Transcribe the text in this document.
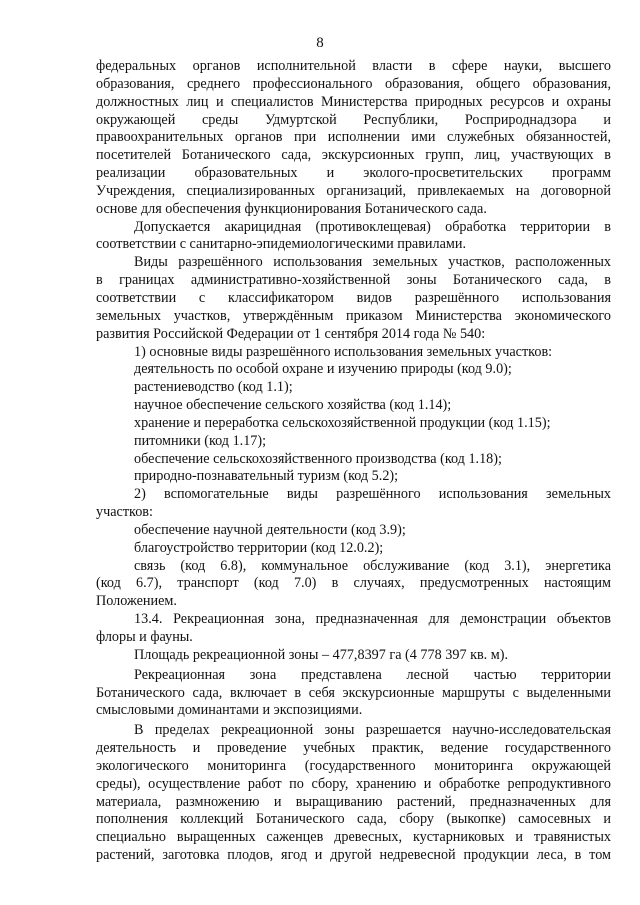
8
федеральных органов исполнительной власти в сфере науки, высшего
образования, среднего профессионального образования, общего образования,
должностных лиц и специалистов Министерства природных ресурсов и охраны
окружающей среды Удмуртской Республики, Росприроднадзора и
правоохранительных органов при исполнении ими служебных обязанностей,
посетителей Ботанического сада, экскурсионных групп, лиц, участвующих в
реализации образовательных и эколого-просветительских программ
Учреждения, специализированных организаций, привлекаемых на договорной
основе для обеспечения функционирования Ботанического сада.
Допускается акарицидная (противоклещевая) обработка территории в
соответствии с санитарно-эпидемиологическими правилами.
Виды разрешённого использования земельных участков, расположенных
в границах административно-хозяйственной зоны Ботанического сада, в
соответствии с классификатором видов разрешённого использования
земельных участков, утверждённым приказом Министерства экономического
развития Российской Федерации от 1 сентября 2014 года № 540:
1) основные виды разрешённого использования земельных участков:
деятельность по особой охране и изучению природы (код 9.0);
растениеводство (код 1.1);
научное обеспечение сельского хозяйства (код 1.14);
хранение и переработка сельскохозяйственной продукции (код 1.15);
питомники (код 1.17);
обеспечение сельскохозяйственного производства (код 1.18);
природно-познавательный туризм (код 5.2);
2) вспомогательные виды разрешённого использования земельных
участков:
обеспечение научной деятельности (код 3.9);
благоустройство территории (код 12.0.2);
связь (код 6.8), коммунальное обслуживание (код 3.1), энергетика
(код 6.7), транспорт (код 7.0) в случаях, предусмотренных настоящим
Положением.
13.4. Рекреационная зона, предназначенная для демонстрации объектов
флоры и фауны.
Площадь рекреационной зоны – 477,8397 га (4 778 397 кв. м).
Рекреационная зона представлена лесной частью территории
Ботанического сада, включает в себя экскурсионные маршруты с выделенными
смысловыми доминантами и экспозициями.
В пределах рекреационной зоны разрешается научно-исследовательская
деятельность и проведение учебных практик, ведение государственного
экологического мониторинга (государственного мониторинга окружающей
среды), осуществление работ по сбору, хранению и обработке репродуктивного
материала, размножению и выращиванию растений, предназначенных для
пополнения коллекций Ботанического сада, сбору (выкопке) самосевных и
специально выращенных саженцев древесных, кустарниковых и травянистых
растений, заготовка плодов, ягод и другой недревесной продукции леса, в том
